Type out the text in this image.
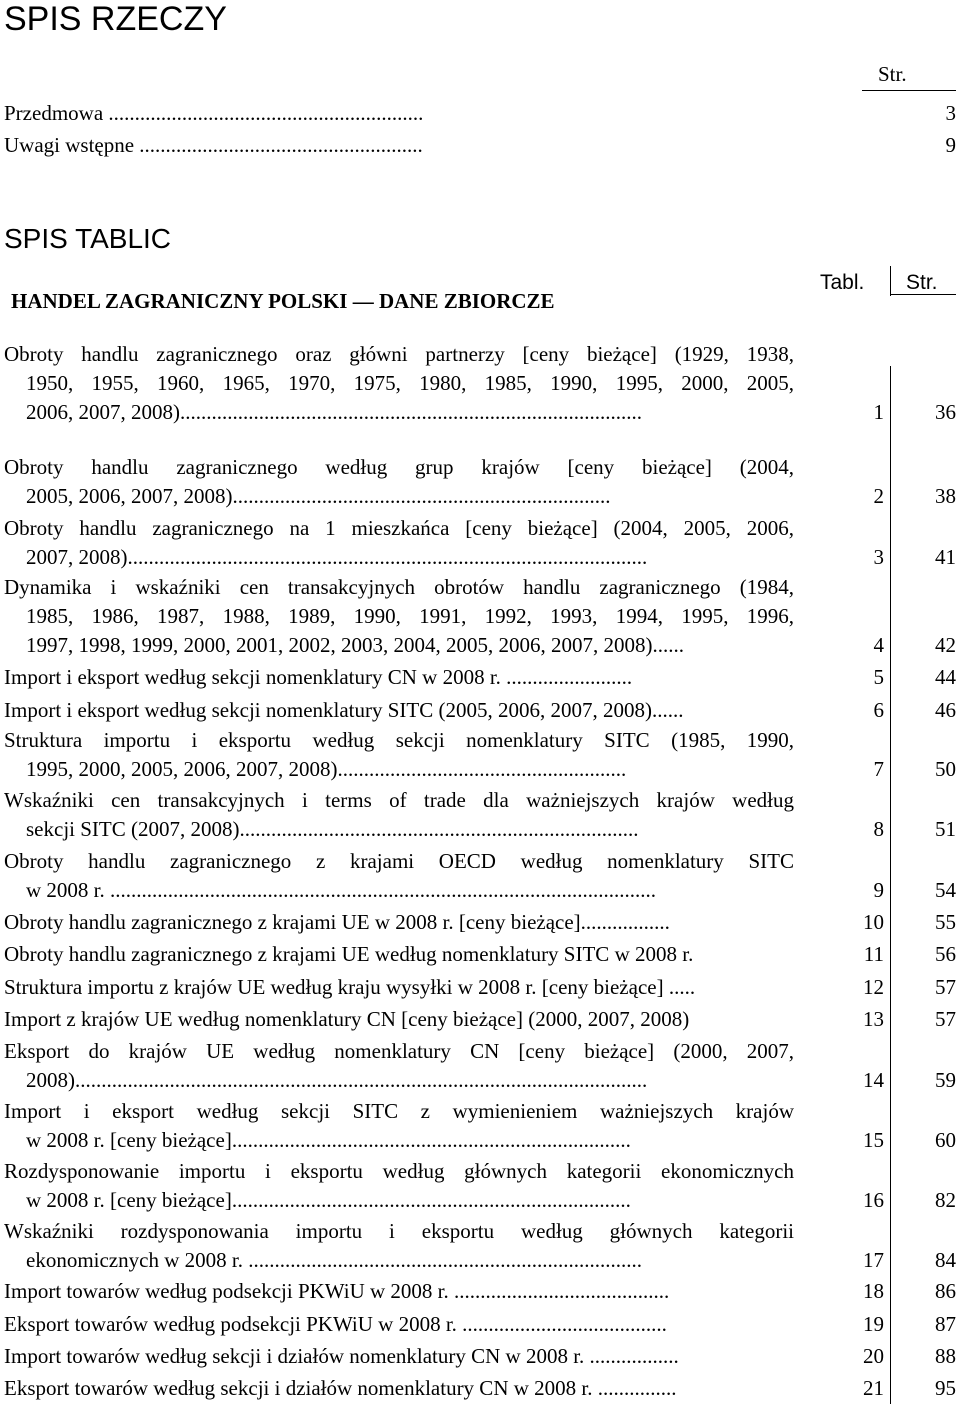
SPIS RZECZY
Str.
Przedmowa ............................................................	3
Uwagi wstępne ......................................................	9
SPIS TABLIC
HANDEL ZAGRANICZNY POLSKI — DANE ZBIORCZE
Tabl. Str.
Obroty handlu zagranicznego oraz główni partnerzy [ceny bieżące] (1929, 1938,
1950, 1955, 1960, 1965, 1970, 1975, 1980, 1985, 1990, 1995, 2000, 2005,
2006, 2007, 2008)........................................................................................	1 36
Obroty handlu zagranicznego według grup krajów [ceny bieżące] (2004,
2005, 2006, 2007, 2008)........................................................................	2 38
Obroty handlu zagranicznego na 1 mieszkańca [ceny bieżące] (2004, 2005, 2006,
2007, 2008)...................................................................................................	3 41
Dynamika i wskaźniki cen transakcyjnych obrotów handlu zagranicznego (1984,
1985, 1986, 1987, 1988, 1989, 1990, 1991, 1992, 1993, 1994, 1995, 1996,
1997, 1998, 1999, 2000, 2001, 2002, 2003, 2004, 2005, 2006, 2007, 2008)......	4 42
Import i eksport według sekcji nomenklatury CN w 2008 r. ........................	5 44
Import i eksport według sekcji nomenklatury SITC (2005, 2006, 2007, 2008)......	6 46
Struktura importu i eksportu według sekcji nomenklatury SITC (1985, 1990,
1995, 2000, 2005, 2006, 2007, 2008).......................................................	7 50
Wskaźniki cen transakcyjnych i terms of trade dla ważniejszych krajów według
sekcji SITC (2007, 2008)............................................................................	8 51
Obroty handlu zagranicznego z krajami OECD według nomenklatury SITC
w 2008 r. ........................................................................................................	9 54
Obroty handlu zagranicznego z krajami UE w 2008 r. [ceny bieżące].................	10 55
Obroty handlu zagranicznego z krajami UE według nomenklatury SITC w 2008 r.	11 56
Struktura importu z krajów UE według kraju wysyłki w 2008 r. [ceny bieżące] .....	12 57
Import z krajów UE według nomenklatury CN [ceny bieżące] (2000, 2007, 2008)	13 57
Eksport do krajów UE według nomenklatury CN [ceny bieżące] (2000, 2007,
2008).............................................................................................................	14 59
Import i eksport według sekcji SITC z wymienieniem ważniejszych krajów
w 2008 r. [ceny bieżące]............................................................................	15 60
Rozdysponowanie importu i eksportu według głównych kategorii ekonomicznych
w 2008 r. [ceny bieżące]............................................................................	16 82
Wskaźniki rozdysponowania importu i eksportu według głównych kategorii
ekonomicznych w 2008 r. ...........................................................................	17 84
Import towarów według podsekcji PKWiU w 2008 r. .........................................	18 86
Eksport towarów według podsekcji PKWiU w 2008 r. .......................................	19 87
Import towarów według sekcji i działów nomenklatury CN w 2008 r. .................	20 88
Eksport towarów według sekcji i działów nomenklatury CN w 2008 r. ...............	21 95
